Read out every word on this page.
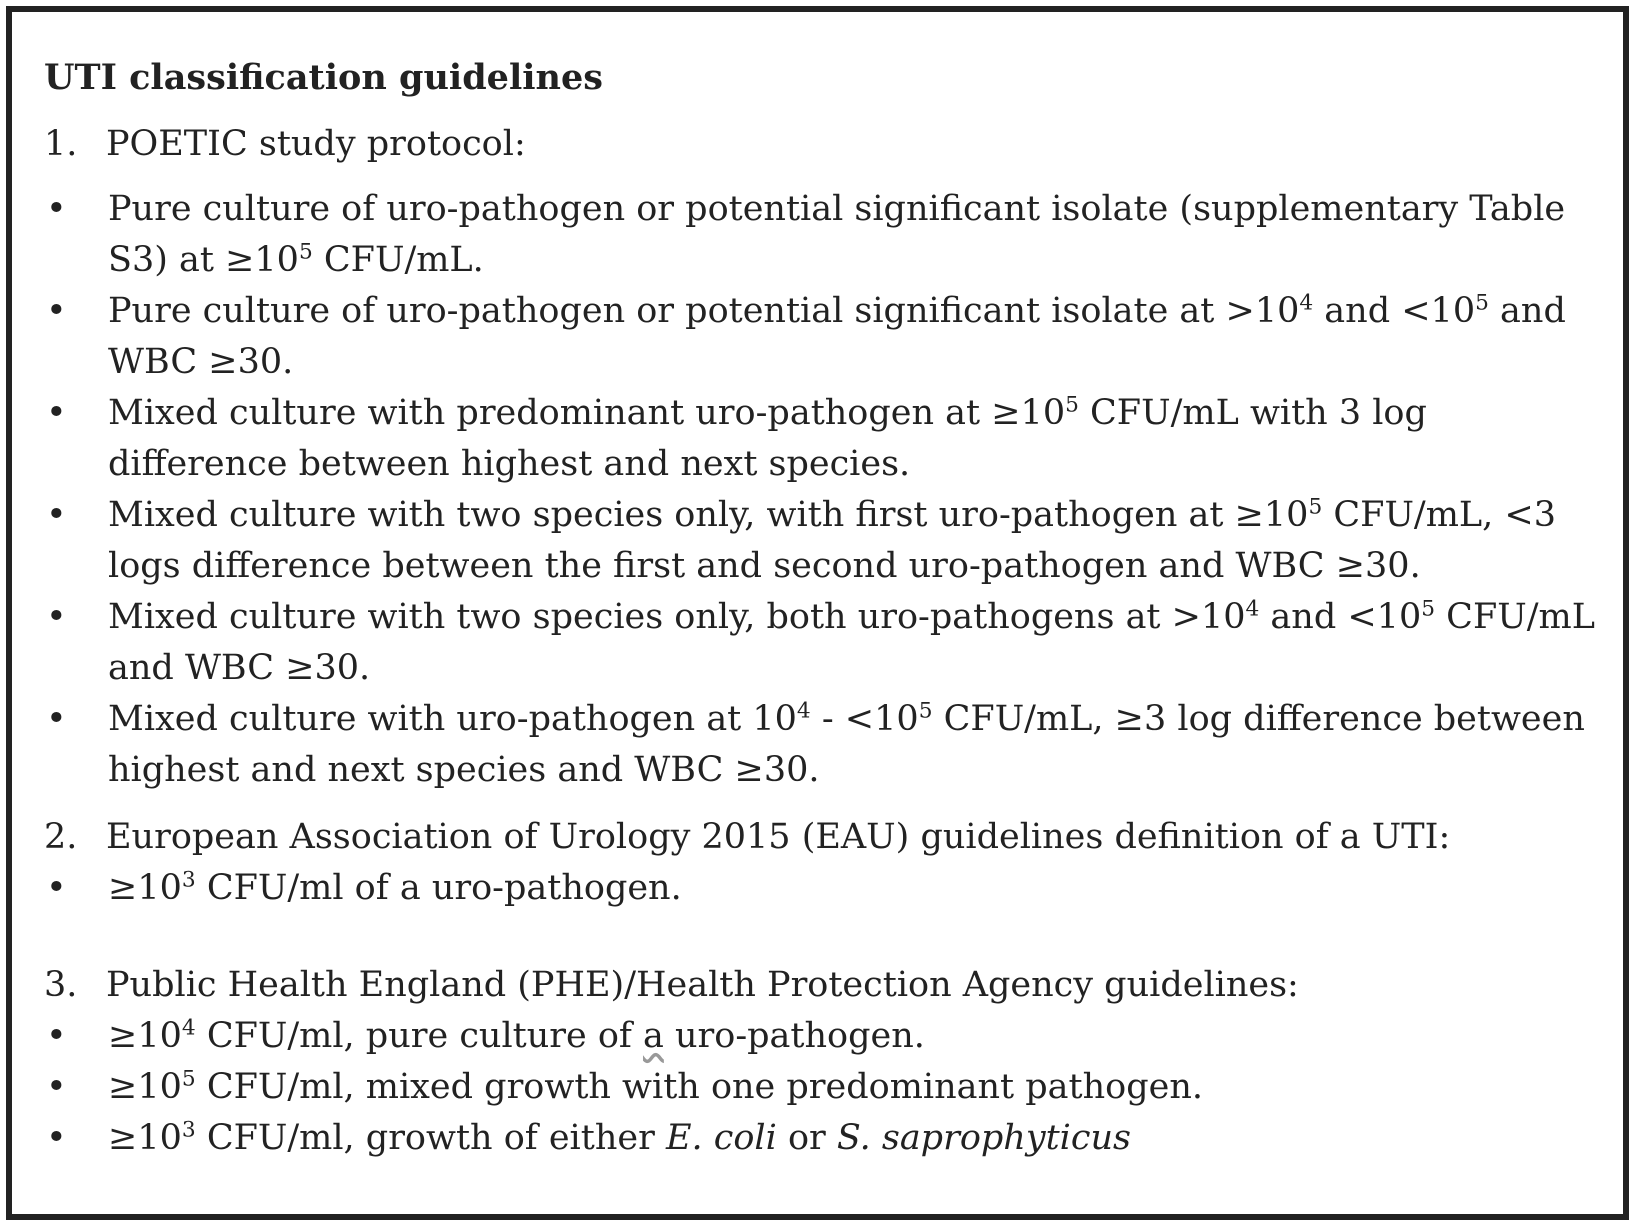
UTI classification guidelines
1. POETIC study protocol:
•	Pure culture of uro-pathogen or potential significant isolate (supplementary Table S3) at $\ge 10^5$ CFU/mL.
•	Pure culture of uro-pathogen or potential significant isolate at $>10^4$ and $<10^5$ and WBC ≥30.
•	Mixed culture with predominant uro-pathogen at $\ge 10^5$ CFU/mL with 3 log difference between highest and next species.
•	Mixed culture with two species only, with first uro-pathogen at $\ge 10^5$ CFU/mL, <3 logs difference between the first and second uro-pathogen and WBC ≥30.
•	Mixed culture with two species only, both uro-pathogens at $>10^4$ and $<10^5$ CFU/mL and WBC ≥30.
•	Mixed culture with uro-pathogen at $10^4 - <10^5$ CFU/mL, ≥3 log difference between highest and next species and WBC ≥30.
2. European Association of Urology 2015 (EAU) guidelines definition of a UTI:
•	$\ge 10^3$ CFU/ml of a uro-pathogen.
3. Public Health England (PHE)/Health Protection Agency guidelines:
•	$\ge 10^4$ CFU/ml, pure culture of a uro-pathogen.
•	$\ge 10^5$ CFU/ml, mixed growth with one predominant pathogen.
•	$\ge 10^3$ CFU/ml, growth of either E. coli or S. saprophyticus
